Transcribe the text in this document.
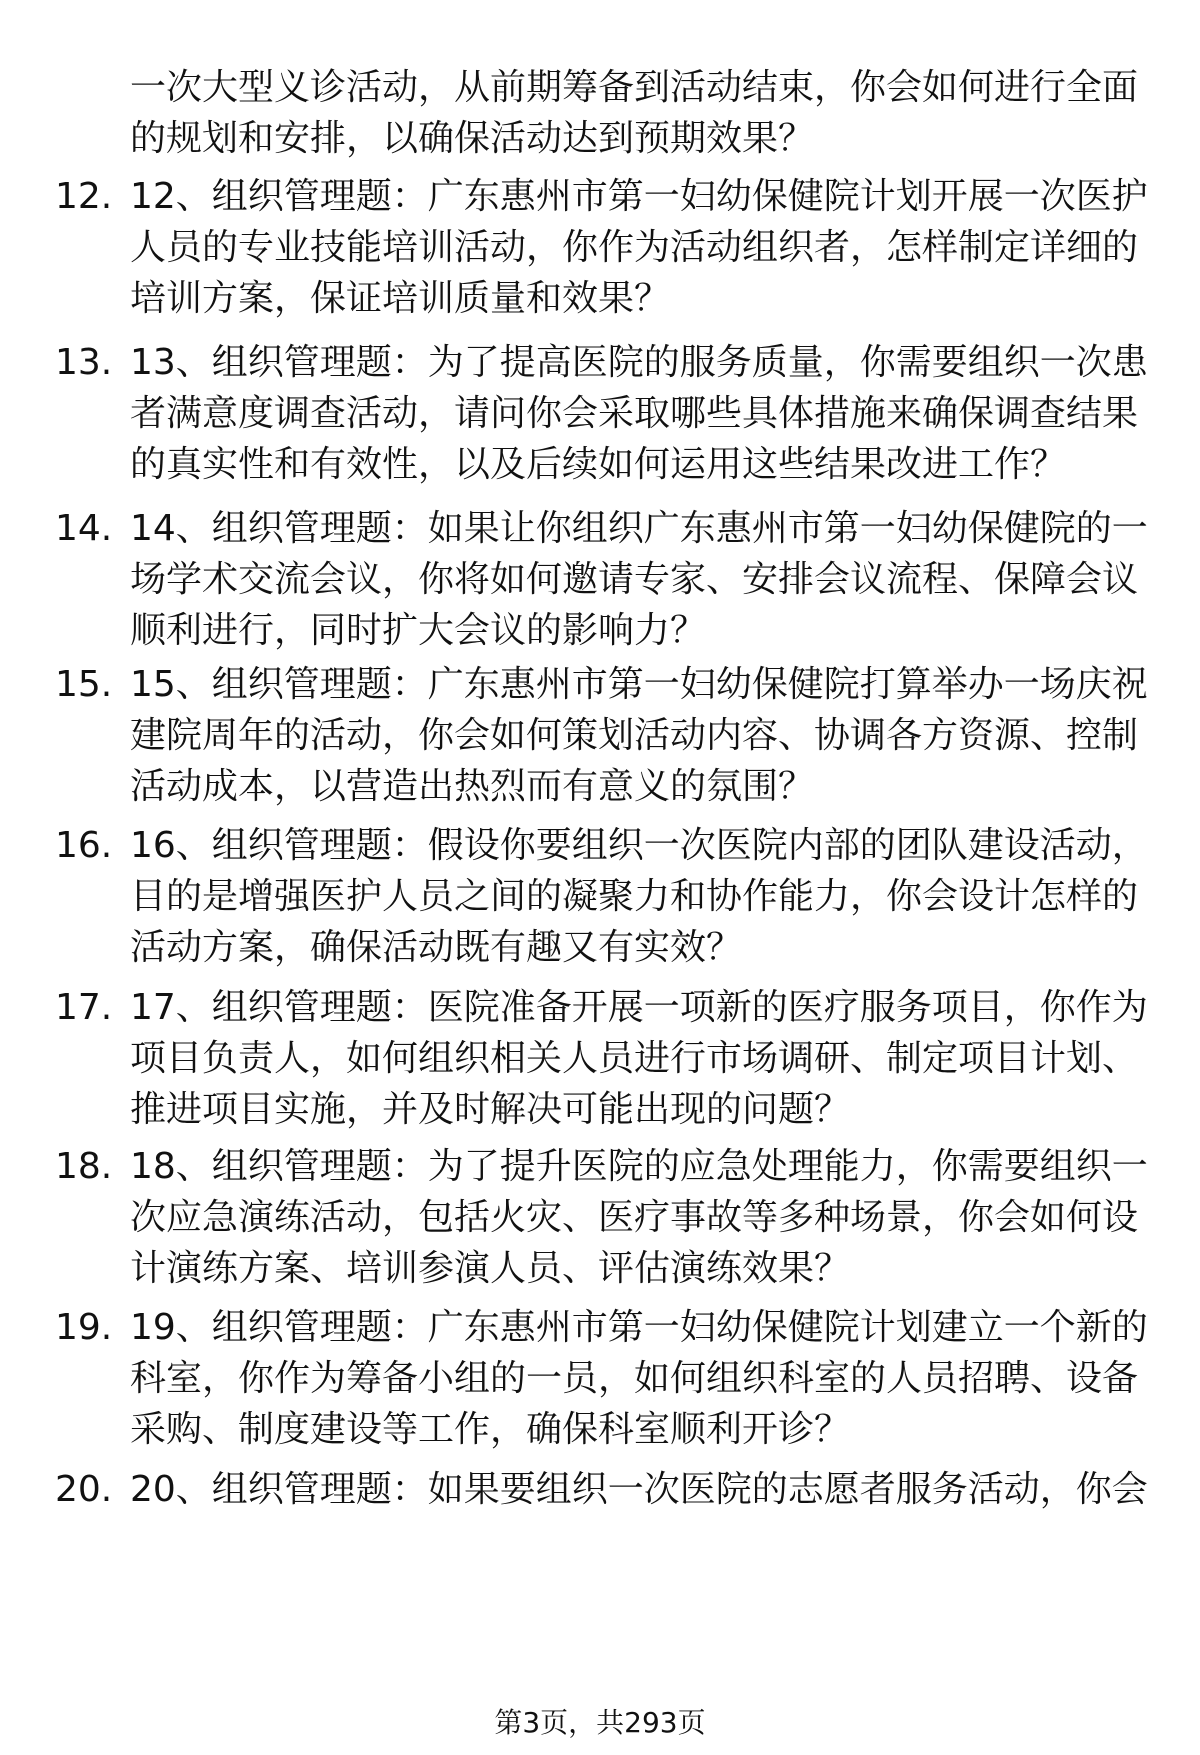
一次大型义诊活动，从前期筹备到活动结束，你会如何进行全面的规划和安排，以确保活动达到预期效果？
12. 12、组织管理题：广东惠州市第一妇幼保健院计划开展一次医护人员的专业技能培训活动，你作为活动组织者，怎样制定详细的培训方案，保证培训质量和效果？
13. 13、组织管理题：为了提高医院的服务质量，你需要组织一次患者满意度调查活动，请问你会采取哪些具体措施来确保调查结果的真实性和有效性，以及后续如何运用这些结果改进工作？
14. 14、组织管理题：如果让你组织广东惠州市第一妇幼保健院的一场学术交流会议，你将如何邀请专家、安排会议流程、保障会议顺利进行，同时扩大会议的影响力？
15. 15、组织管理题：广东惠州市第一妇幼保健院打算举办一场庆祝建院周年的活动，你会如何策划活动内容、协调各方资源、控制活动成本，以营造出热烈而有意义的氛围？
16. 16、组织管理题：假设你要组织一次医院内部的团队建设活动，目的是增强医护人员之间的凝聚力和协作能力，你会设计怎样的活动方案，确保活动既有趣又有实效？
17. 17、组织管理题：医院准备开展一项新的医疗服务项目，你作为项目负责人，如何组织相关人员进行市场调研、制定项目计划、推进项目实施，并及时解决可能出现的问题？
18. 18、组织管理题：为了提升医院的应急处理能力，你需要组织一次应急演练活动，包括火灾、医疗事故等多种场景，你会如何设计演练方案、培训参演人员、评估演练效果？
19. 19、组织管理题：广东惠州市第一妇幼保健院计划建立一个新的科室，你作为筹备小组的一员，如何组织科室的人员招聘、设备采购、制度建设等工作，确保科室顺利开诊？
20. 20、组织管理题：如果要组织一次医院的志愿者服务活动，你会
第3页，共293页
